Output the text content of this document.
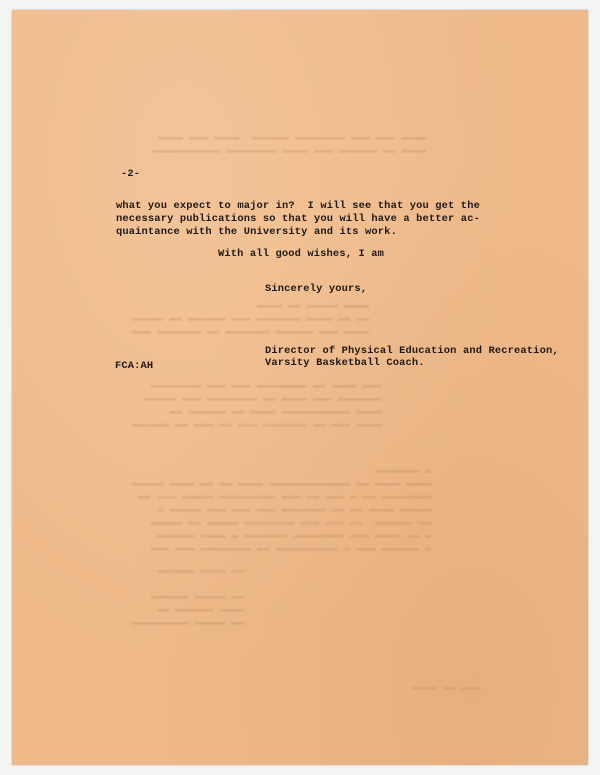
▬▬▬▬ ▬▬▬ ▬▬▬ ▬▬▬▬▬▬▬▬ ▬▬▬▬▬▬  ▬▬▬▬ ▬▬▬ ▬▬▬▬
▬▬▬▬ ▬▬ ▬▬▬▬▬▬ ▬▬▬ ▬▬▬▬ ▬▬▬▬▬▬▬▬ ▬▬▬▬▬▬▬▬▬▬▬
▬▬▬▬ ▬▬▬▬▬ ▬▬ ▬▬▬▬
▬▬ ▬▬ ▬▬▬▬ ▬▬▬▬▬▬▬ ▬▬▬ ▬▬▬▬▬▬ ▬▬ ▬▬▬▬▬
▬▬▬▬ ▬▬▬ ▬▬▬▬▬▬ ▬▬▬▬▬▬▬ ▬▬ ▬▬▬▬▬▬▬ ▬▬▬
▬▬▬ ▬▬▬▬ ▬▬ ▬▬▬▬▬▬▬▬ ▬▬▬ ▬▬▬ ▬▬▬▬▬▬▬▬
▬▬▬▬▬▬▬ ▬▬▬ ▬▬▬▬ ▬▬ ▬▬▬▬▬▬▬▬ ▬▬▬ ▬▬▬▬▬
▬▬▬▬ ▬▬▬▬▬▬▬▬▬▬▬ ▬▬▬▬ ▬▬ ▬▬▬▬▬▬ ▬▬
▬▬▬▬ ▬▬▬ ▬▬ ▬▬▬▬▬▬▬ ▬▬▬ ▬▬ ▬▬▬ ▬▬ ▬▬▬▬▬▬
▬ ▬▬▬▬▬▬▬
▬▬▬▬ ▬▬▬▬ ▬▬ ▬▬▬▬▬▬▬▬▬▬▬▬▬ ▬▬▬▬ ▬▬ ▬▬ ▬▬▬▬ ▬▬▬▬▬
▬▬▬▬▬▬▬▬ ▬▬ ▬ ▬▬▬ ▬▬ ▬▬▬ ▬▬▬▬▬▬▬▬▬ ▬▬▬▬▬ ▬▬▬ ▬▬
▬▬▬▬▬ ▬▬▬▬ ▬▬ ▬▬ ▬▬▬▬▬▬▬ ▬▬▬ ▬▬▬ ▬▬▬ ▬▬▬▬▬ ▬
▬▬ ▬▬▬▬▬▬  ▬▬ ▬▬▬ ▬▬▬ ▬▬▬▬▬▬▬▬ ▬▬▬▬▬ ▬▬ ▬▬▬▬▬
▬ ▬▬ ▬▬▬▬ ▬▬▬ ▬▬▬▬▬▬▬▬ ▬▬▬▬▬▬▬ ▬ ▬▬▬▬ ▬▬▬▬▬▬
▬ ▬▬▬▬▬▬ ▬▬▬ ▬ ▬▬▬▬▬▬▬▬▬▬ ▬▬ ▬▬▬▬▬▬▬▬ ▬▬▬ ▬▬▬
▬▬ ▬▬▬▬ ▬▬▬▬▬▬

▬▬ ▬▬▬▬▬ ▬▬▬▬▬▬
▬▬▬▬ ▬▬▬▬▬▬ ▬▬
▬▬ ▬▬▬▬▬ ▬▬▬▬▬▬▬▬▬
▬▬▬ ▬▬ ▬▬▬▬
-2-
what you expect to major in?  I will see that you get the
necessary publications so that you will have a better ac-
quaintance with the University and its work.
With all good wishes, I am
Sincerely yours,
Director of Physical Education and Recreation,
Varsity Basketball Coach.
FCA:AH
